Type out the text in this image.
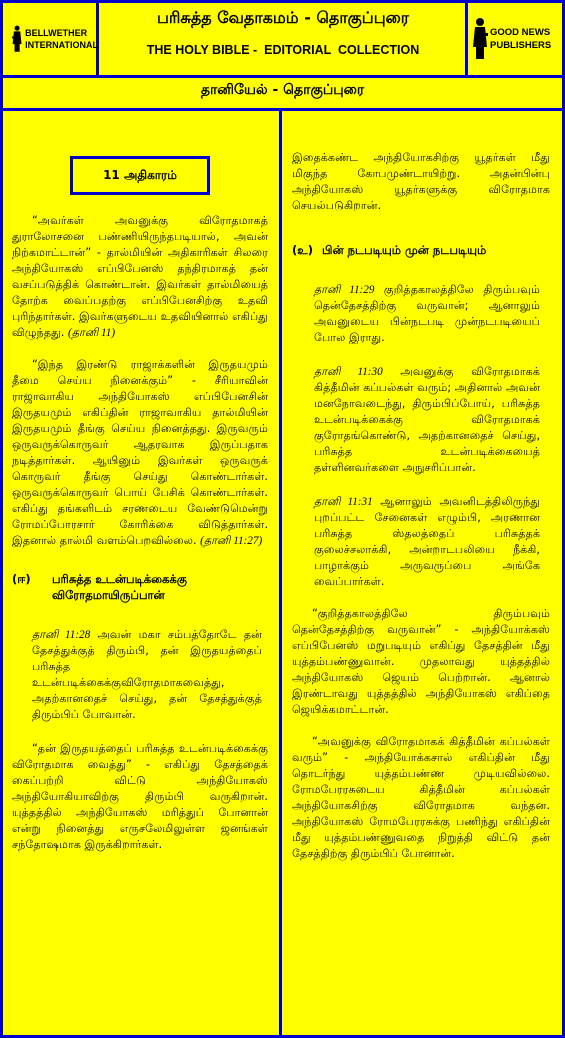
BELLWETHER
INTERNATIONAL
GOOD NEWS
PUBLISHERS
பரிசுத்த வேதாகமம் - தொகுப்புரை
THE HOLY BIBLE -  EDITORIAL  COLLECTION
தானியேல் - தொகுப்புரை
11 அதிகாரம்

“அவர்கள் அவனுக்கு விரோதமாகத் துராலோசனை பண்ணியிருந்தபடியால், அவன் நிற்கமாட்டான்” - தால்மியின் அதிகாரிகள் சிலரை அந்தியோகஸ் எப்பிபேனஸ் தந்திரமாகத் தன் வசப்படுத்திக் கொண்டான். இவர்கள் தால்மியைத் தோற்க வைப்பதற்கு எப்பிபேனசிற்கு உதவி புரிந்தார்கள். இவர்களுடைய உதவியினால் எகிப்து விழுந்தது. (தானி 11)

“இந்த இரண்டு ராஜாக்களின் இருதயமும் தீமை செய்ய நினைக்கும்” - சீரியாவின் ராஜாவாகிய அந்தியோகஸ் எப்பிபேனசின் இருதயமும் எகிப்தின் ராஜாவாகிய தால்மியின் இருதயமும் தீங்கு செய்ய நினைத்தது. இருவரும் ஒருவருக்கொருவர் ஆதரவாக இருப்பதாக நடித்தார்கள். ஆயினும் இவர்கள் ஒருவருக் கொருவர் தீங்கு செய்து கொண்டார்கள். ஒருவருக்கொருவர் பொய் பேசிக் கொண்டார்கள். எகிப்து தங்களிடம் சரணடைய வேண்டுமென்று ரோமப்போரசார் கோரிக்கை விடுத்தார்கள். இதனால் தால்மி வளம்பெறவில்லை. (தானி 11:27)

(ஈ)	பரிசுத்த உடன்படிக்கைக்கு விரோதமாயிருப்பான்

தானி 11:28 அவன் மகா சம்பத்தோடே தன் தேசத்துக்குத் திரும்பி, தன் இருதயத்தைப் பரிசுத்த உடன்படிக்கைக்குவிரோதமாகவைத்து, அதற்கானதைச் செய்து, தன் தேசத்துக்குத் திரும்பிப் போவான்.

“தன் இருதயத்தைப் பரிசுத்த உடன்படிக்கைக்கு விரோதமாக வைத்து” - எகிப்து தேசத்தைக் கைப்பற்றி விட்டு அந்தியோகஸ் அந்தியோகியாவிற்கு திரும்பி வருகிறான். யுத்தத்தில் அந்தியோகஸ் மரித்துப் போனான் என்று நினைத்து எருசலேமிலுள்ள ஜனங்கள் சந்தோஷமாக இருக்கிறார்கள்.

இதைக்கண்ட அந்தியோகசிற்கு யூதர்கள் மீது மிகுந்த கோபமுண்டாயிற்று. அதன்பின்பு அந்தியோகஸ் யூதர்களுக்கு விரோதமாக செயல்படுகிறான்.

(உ) பின் நடபடியும் முன் நடபடியும்

தானி 11:29 குறித்தகாலத்திலே திரும்பவும் தென்தேசத்திற்கு வருவான்; ஆனாலும் அவனுடைய பின்நடபடி முன்நடபடியைப் போல இராது.

தானி 11:30 அவனுக்கு விரோதமாகக் கித்தீமின் கப்பல்கள் வரும்; அதினால் அவன் மனநோவடைந்து, திரும்பிப்போய், பரிசுத்த உடன்படிக்கைக்கு விரோதமாகக் குரோதங்கொண்டு, அதற்கானதைச் செய்து, பரிசுத்த உடன்படிக்கையைத் தள்ளினவர்களை அநுசரிப்பான்.

தானி 11:31 ஆனாலும் அவனிடத்திலிருந்து புறப்பட்ட சேனைகள் எழும்பி, அரணான பரிசுத்த ஸ்தலத்தைப் பரிசுத்தக் குலைச்சலாக்கி, அன்றாடபலியை நீக்கி, பாழாக்கும் அருவருப்பை அங்கே வைப்பார்கள்.

“குறித்தகாலத்திலே திரும்பவும் தென்தேசத்திற்கு வருவான்” - அந்தியோக்கஸ் எப்பிபேனஸ் மறுபடியும் எகிப்து தேசத்தின் மீது யுத்தம்பண்ணுவான். முதலாவது யுத்தத்தில் அந்தியோகஸ் ஜெயம் பெற்றான். ஆனால் இரண்டாவது யுத்தத்தில் அந்தியோகஸ் எகிப்தை ஜெயிக்கமாட்டான்.

“அவனுக்கு விரோதமாகக் கித்தீமின் கப்பல்கள் வரும்” - அந்தியோக்கசால் எகிப்தின் மீது தொடர்ந்து யுத்தம்பண்ண முடியவில்லை. ரோமபேரரசுடைய கித்தீமின் கப்பல்கள் அந்தியோகசிற்கு விரோதமாக வந்தன. அந்தியோகஸ் ரோமபேரரசுக்கு பணிந்து எகிப்தின் மீது யுத்தம்பண்ணுவதை நிறுத்தி விட்டு தன் தேசத்திற்கு திரும்பிப் போனான்.
